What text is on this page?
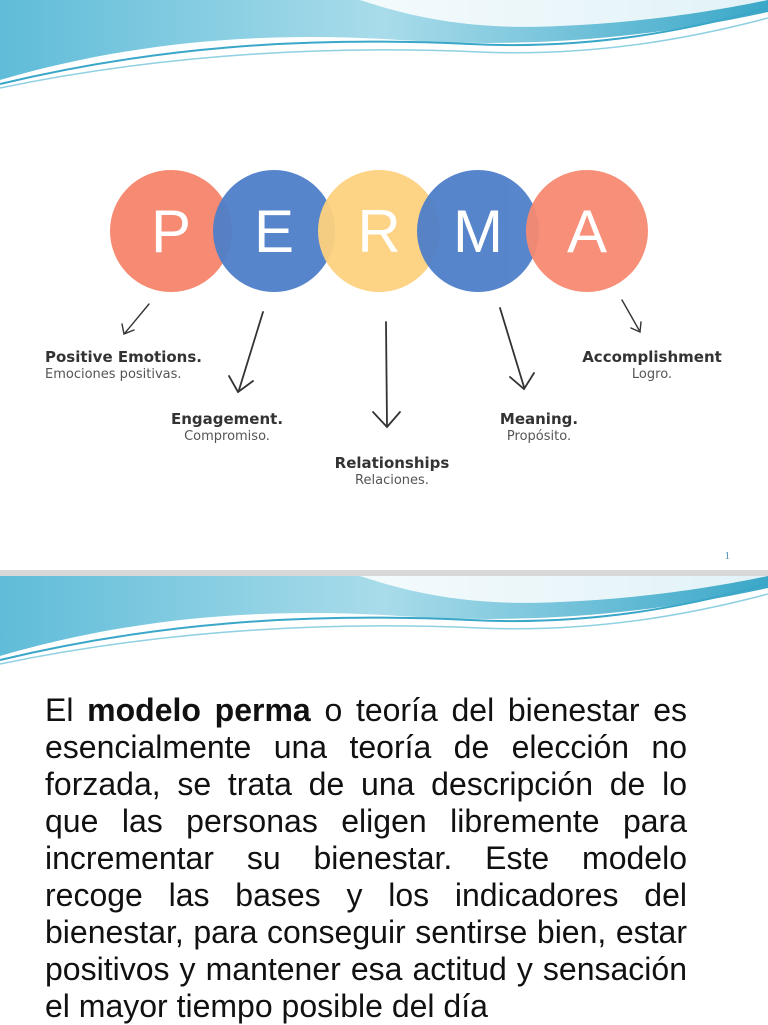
P E R M A
Positive Emotions.
Emociones positivas.
Engagement.
Compromiso.
Relationships
Relaciones.
Meaning.
Propósito.
Accomplishment
Logro.
1

El modelo perma o teoría del bienestar es esencialmente una teoría de elección no forzada, se trata de una descripción de lo que las personas eligen libremente para incrementar su bienestar. Este modelo recoge las bases y los indicadores del bienestar, para conseguir sentirse bien, estar positivos y mantener esa actitud y sensación el mayor tiempo posible del día
